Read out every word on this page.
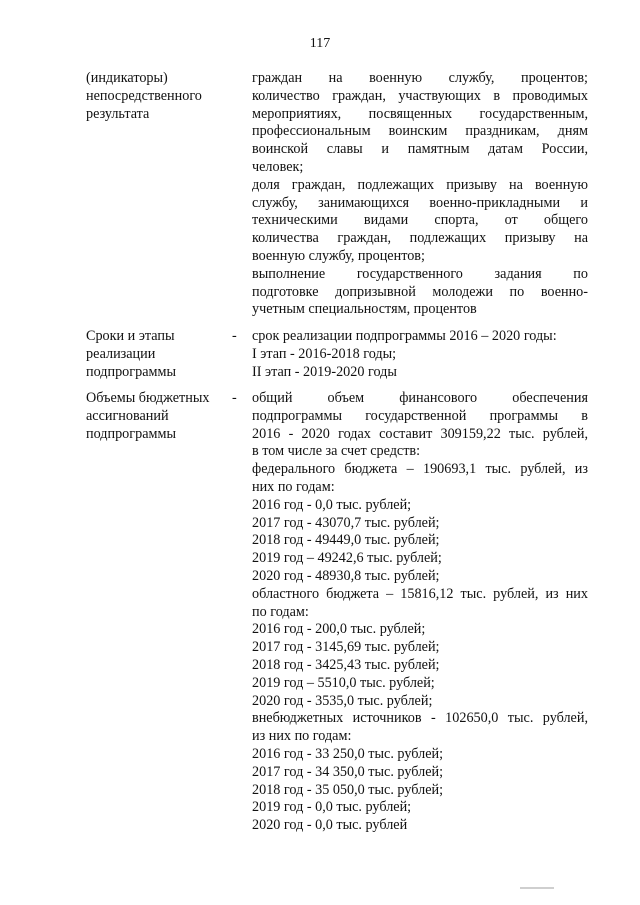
117
(индикаторы)
непосредственного
результата
граждан на военную службу, процентов;
количество граждан, участвующих в проводимых
мероприятиях, посвященных государственным,
профессиональным воинским праздникам, дням
воинской славы и памятным датам России,
человек;
доля граждан, подлежащих призыву на военную
службу, занимающихся военно-прикладными и
техническими видами спорта, от общего
количества граждан, подлежащих призыву на
военную службу, процентов;
выполнение государственного задания по
подготовке допризывной молодежи по военно-
учетным специальностям, процентов
Сроки и этапы
реализации
подпрограммы
- срок реализации подпрограммы 2016 – 2020 годы:
I этап - 2016-2018 годы;
II этап - 2019-2020 годы
Объемы бюджетных
ассигнований
подпрограммы
- общий объем финансового обеспечения
подпрограммы государственной программы в
2016 - 2020 годах составит 309159,22 тыс. рублей,
в том числе за счет средств:
федерального бюджета – 190693,1 тыс. рублей, из
них по годам:
2016 год - 0,0 тыс. рублей;
2017 год - 43070,7 тыс. рублей;
2018 год - 49449,0 тыс. рублей;
2019 год – 49242,6 тыс. рублей;
2020 год - 48930,8 тыс. рублей;
областного бюджета – 15816,12 тыс. рублей, из них
по годам:
2016 год - 200,0 тыс. рублей;
2017 год - 3145,69 тыс. рублей;
2018 год - 3425,43 тыс. рублей;
2019 год – 5510,0 тыс. рублей;
2020 год - 3535,0 тыс. рублей;
внебюджетных источников - 102650,0 тыс. рублей,
из них по годам:
2016 год - 33 250,0 тыс. рублей;
2017 год - 34 350,0 тыс. рублей;
2018 год - 35 050,0 тыс. рублей;
2019 год - 0,0 тыс. рублей;
2020 год - 0,0 тыс. рублей
